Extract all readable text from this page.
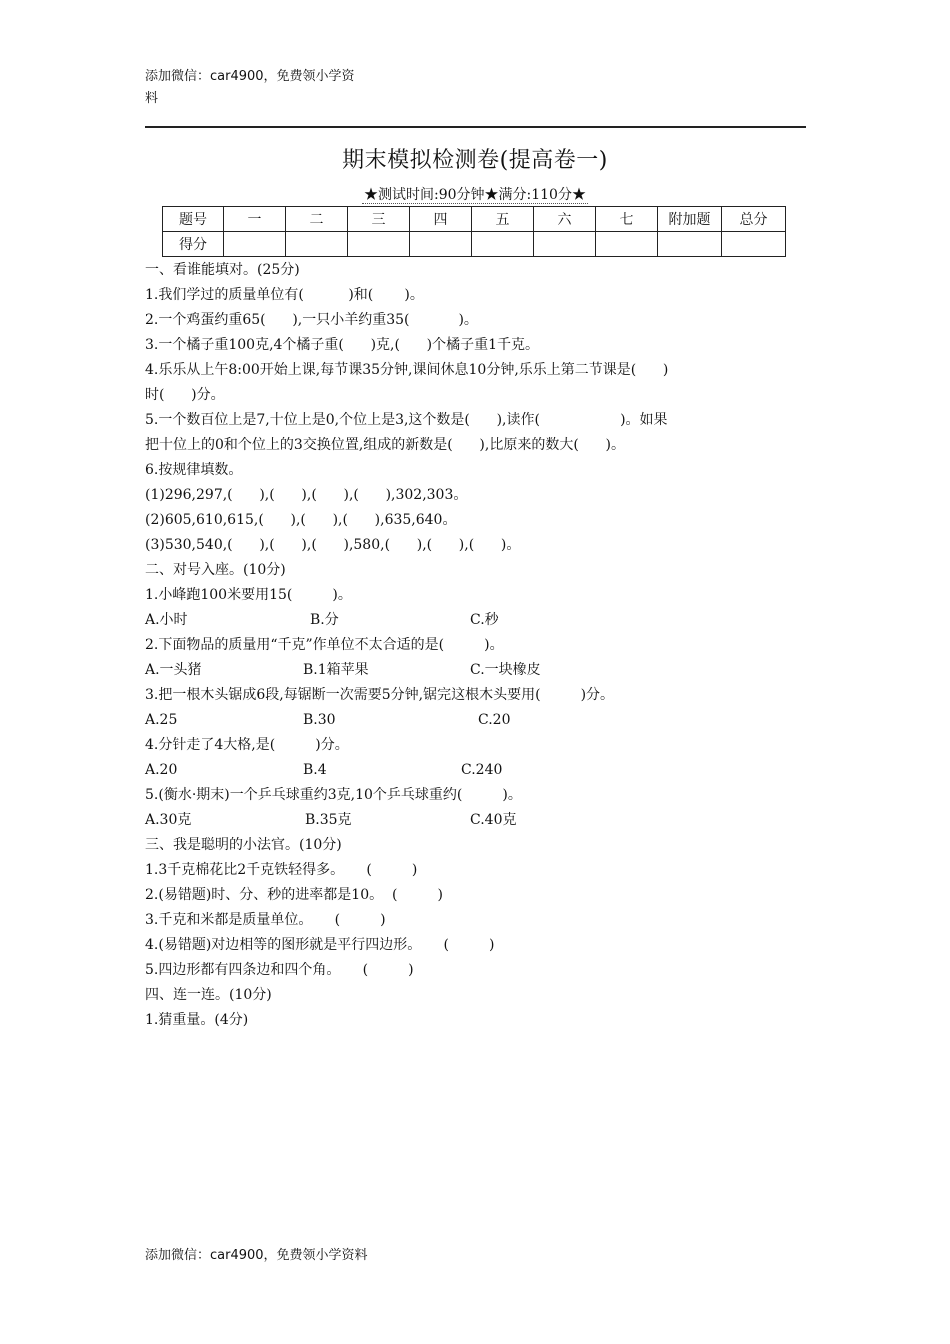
添加微信：car4900，免费领小学资
料
期末模拟检测卷(提高卷一)
★测试时间:90分钟★满分:110分★
题号	一	二	三	四	五	六	七	附加题	总分
得分									
一、看谁能填对。(25分)
1.我们学过的质量单位有(          )和(       )。
2.一个鸡蛋约重65(      ),一只小羊约重35(           )。
3.一个橘子重100克,4个橘子重(      )克,(      )个橘子重1千克。
4.乐乐从上午8:00开始上课,每节课35分钟,课间休息10分钟,乐乐上第二节课是(      )
时(      )分。
5.一个数百位上是7,十位上是0,个位上是3,这个数是(      ),读作(                  )。如果
把十位上的0和个位上的3交换位置,组成的新数是(      ),比原来的数大(      )。
6.按规律填数。
(1)296,297,(      ),(      ),(      ),(      ),302,303。
(2)605,610,615,(      ),(      ),(      ),635,640。
(3)530,540,(      ),(      ),(      ),580,(      ),(      ),(      )。
二、对号入座。(10分)
1.小峰跑100米要用15(         )。
A.小时	B.分	C.秒
2.下面物品的质量用“千克”作单位不太合适的是(         )。
A.一头猪	B.1箱苹果	C.一块橡皮
3.把一根木头锯成6段,每锯断一次需要5分钟,锯完这根木头要用(         )分。
A.25	B.30	C.20
4.分针走了4大格,是(         )分。
A.20	B.4	C.240
5.(衡水·期末)一个乒乓球重约3克,10个乒乓球重约(         )。
A.30克	B.35克	C.40克
三、我是聪明的小法官。(10分)
1.3千克棉花比2千克铁轻得多。     (         )
2.(易错题)时、分、秒的进率都是10。  (         )
3.千克和米都是质量单位。     (         )
4.(易错题)对边相等的图形就是平行四边形。     (         )
5.四边形都有四条边和四个角。     (         )
四、连一连。(10分)
1.猜重量。(4分)
添加微信：car4900，免费领小学资料
